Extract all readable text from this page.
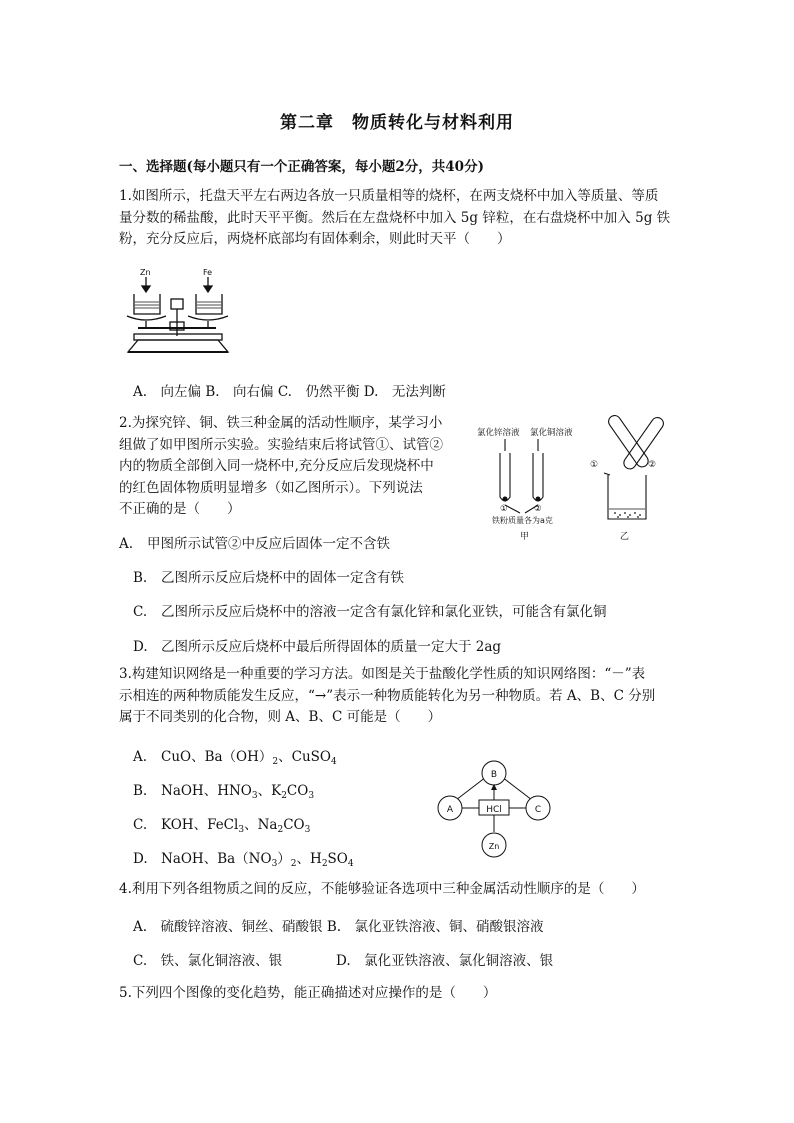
第二章　物质转化与材料利用
一、选择题(每小题只有一个正确答案，每小题2分，共40分)
1.如图所示，托盘天平左右两边各放一只质量相等的烧杯，在两支烧杯中加入等质量、等质
量分数的稀盐酸，此时天平平衡。然后在左盘烧杯中加入 5g 锌粒，在右盘烧杯中加入 5g 铁
粉，充分反应后，两烧杯底部均有固体剩余，则此时天平（　　）
Zn	Fe
A.　向左偏 B.　向右偏 C.　仍然平衡 D.　无法判断
2.为探究锌、铜、铁三种金属的活动性顺序，某学习小
组做了如甲图所示实验。实验结束后将试管①、试管②
内的物质全部倒入同一烧杯中,充分反应后发现烧杯中
的红色固体物质明显增多（如乙图所示）。下列说法
不正确的是（　　）
氯化锌溶液 氯化铜溶液
①	②
铁粉质量各为a克
甲	乙
①	②
A. 甲图所示试管②中反应后固体一定不含铁
B. 乙图所示反应后烧杯中的固体一定含有铁
C. 乙图所示反应后烧杯中的溶液一定含有氯化锌和氯化亚铁，可能含有氯化铜
D. 乙图所示反应后烧杯中最后所得固体的质量一定大于 2ag
3.构建知识网络是一种重要的学习方法。如图是关于盐酸化学性质的知识网络图：“－”表
示相连的两种物质能发生反应，“→”表示一种物质能转化为另一种物质。若 A、B、C 分别
属于不同类别的化合物，则 A、B、C 可能是（　　）
A. CuO、$Ba(OH)_2$、CuSO$_4$
B. NaOH、$HNO_3$、$K_2CO_3$
C. KOH、FeCl$_3$、$Na_2CO_3$
D. NaOH、$Ba(NO_3)_2$、$H_2SO_4$
B
A	C
HCl
Zn
4.利用下列各组物质之间的反应，不能够验证各选项中三种金属活动性顺序的是（　　）
A.　硫酸锌溶液、铜丝、硝酸银 B.　氯化亚铁溶液、铜、硝酸银溶液
C.　铁、氯化铜溶液、银	D.　氯化亚铁溶液、氯化铜溶液、银
5.下列四个图像的变化趋势，能正确描述对应操作的是（　　）
